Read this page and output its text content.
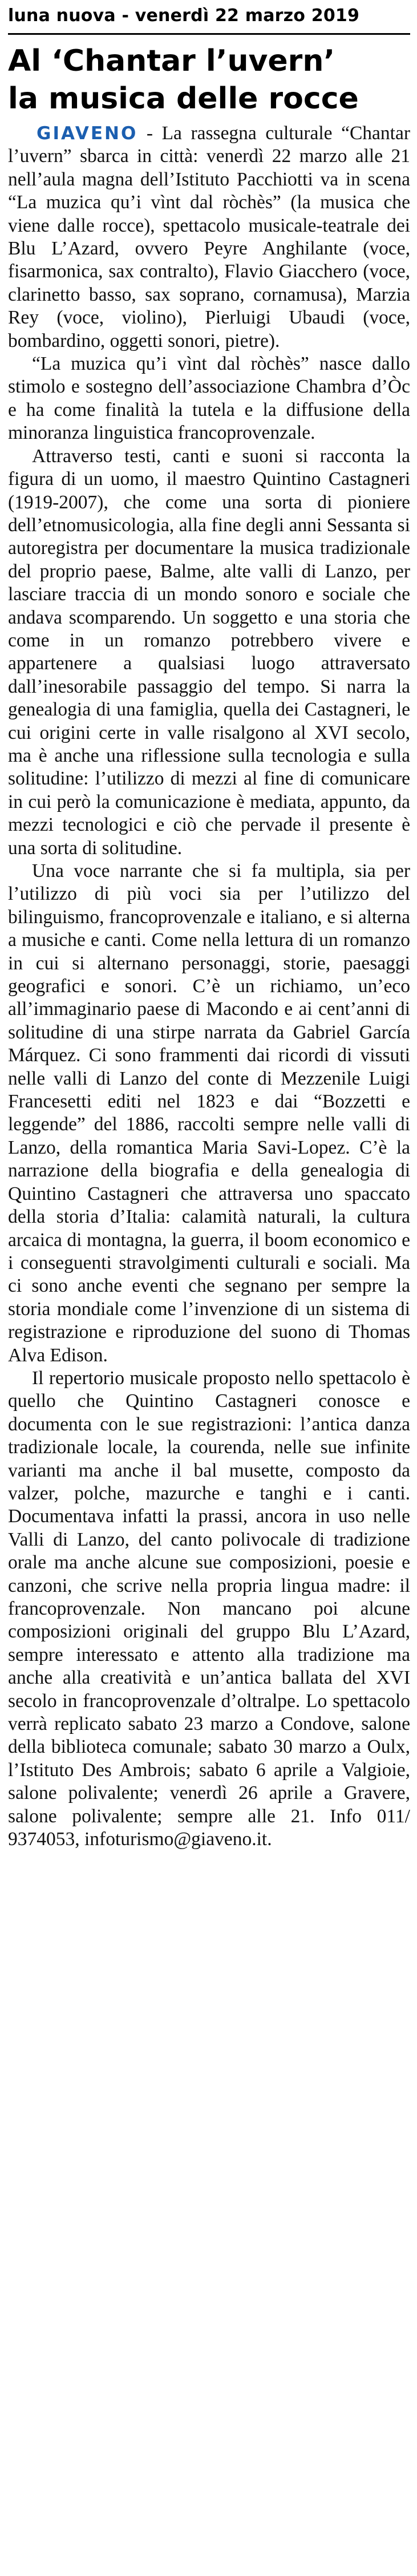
luna nuova - venerdì 22 marzo 2019
Al ‘Chantar l’uvern’
la musica delle rocce

GIAVENO - La rassegna culturale “Chantar l’uvern” sbarca in città: venerdì 22 marzo alle 21 nell’aula magna dell’Istituto Pacchiotti va in scena “La muzica qu’i vìnt dal ròchès” (la musica che viene dalle rocce), spettacolo musicale-teatrale dei Blu L’Azard, ovvero Peyre Anghilante (voce, fisarmonica, sax contralto), Flavio Giacchero (voce, clarinetto basso, sax soprano, cornamusa), Marzia Rey (voce, violino), Pierluigi Ubaudi (voce, bombardino, oggetti sonori, pietre).

“La muzica qu’i vìnt dal ròchès” nasce dallo stimolo e sostegno dell’associazione Chambra d’Òc e ha come finalità la tutela e la diffusione della minoranza linguistica francoprovenzale.

Attraverso testi, canti e suoni si racconta la figura di un uomo, il maestro Quintino Castagneri (1919-2007), che come una sorta di pioniere dell’etnomusicologia, alla fine degli anni Sessanta si autoregistra per documentare la musica tradizionale del proprio paese, Balme, alte valli di Lanzo, per lasciare traccia di un mondo sonoro e sociale che andava scomparendo. Un soggetto e una storia che come in un romanzo potrebbero vivere e appartenere a qualsiasi luogo attraversato dall’inesorabile passaggio del tempo. Si narra la genealogia di una famiglia, quella dei Castagneri, le cui origini certe in valle risalgono al XVI secolo, ma è anche una riflessione sulla tecnologia e sulla solitudine: l’utilizzo di mezzi al fine di comunicare in cui però la comunicazione è mediata, appunto, da mezzi tecnologici e ciò che pervade il presente è una sorta di solitudine.

Una voce narrante che si fa multipla, sia per l’utilizzo di più voci sia per l’utilizzo del bilinguismo, francoprovenzale e italiano, e si alterna a musiche e canti. Come nella lettura di un romanzo in cui si alternano personaggi, storie, paesaggi geografici e sonori. C’è un richiamo, un’eco all’immaginario paese di Macondo e ai cent’anni di solitudine di una stirpe narrata da Gabriel García Márquez. Ci sono frammenti dai ricordi di vissuti nelle valli di Lanzo del conte di Mezzenile Luigi Francesetti editi nel 1823 e dai “Bozzetti e leggende” del 1886, raccolti sempre nelle valli di Lanzo, della romantica Maria Savi-Lopez. C’è la narrazione della biografia e della genealogia di Quintino Castagneri che attraversa uno spaccato della storia d’Italia: calamità naturali, la cultura arcaica di montagna, la guerra, il boom economico e i conseguenti stravolgimenti culturali e sociali. Ma ci sono anche eventi che segnano per sempre la storia mondiale come l’invenzione di un sistema di registrazione e riproduzione del suono di Thomas Alva Edison.

Il repertorio musicale proposto nello spettacolo è quello che Quintino Castagneri conosce e documenta con le sue registrazioni: l’antica danza tradizionale locale, la courenda, nelle sue infinite varianti ma anche il bal musette, composto da valzer, polche, mazurche e tanghi e i canti. Documentava infatti la prassi, ancora in uso nelle Valli di Lanzo, del canto polivocale di tradizione orale ma anche alcune sue composizioni, poesie e canzoni, che scrive nella propria lingua madre: il francoprovenzale. Non mancano poi alcune composizioni originali del gruppo Blu L’Azard, sempre interessato e attento alla tradizione ma anche alla creatività e un’antica ballata del XVI secolo in francoprovenzale d’oltralpe. Lo spettacolo verrà replicato sabato 23 marzo a Condove, salone della biblioteca comunale; sabato 30 marzo a Oulx, l’Istituto Des Ambrois; sabato 6 aprile a Valgioie, salone polivalente; venerdì 26 aprile a Gravere, salone polivalente; sempre alle 21. Info 011/ 9374053, infoturismo@giaveno.it.
